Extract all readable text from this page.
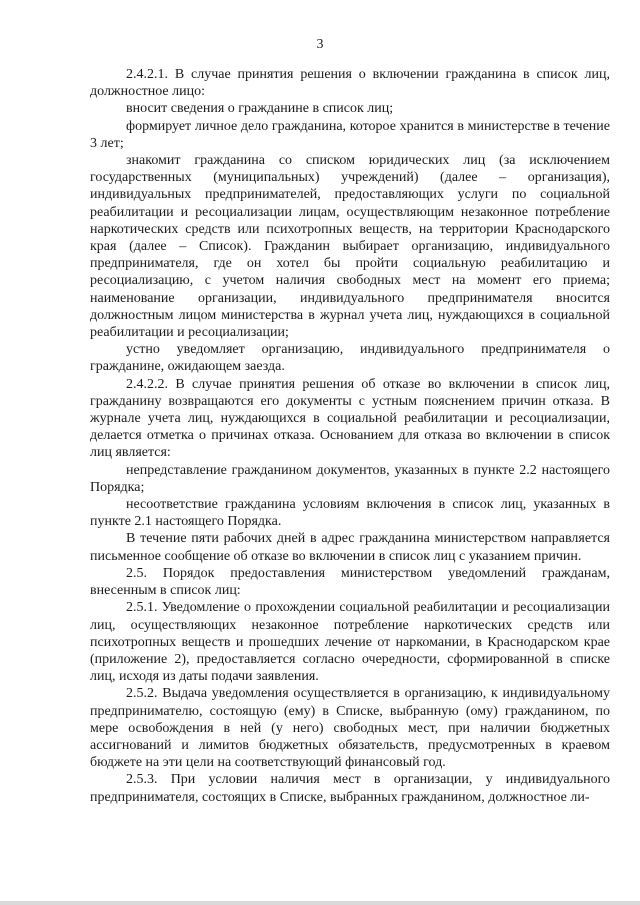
3

2.4.2.1. В случае принятия решения о включении гражданина в список лиц, должностное лицо:

вносит сведения о гражданине в список лиц;

формирует личное дело гражданина, которое хранится в министерстве в течение 3 лет;

знакомит гражданина со списком юридических лиц (за исключением государственных (муниципальных) учреждений) (далее – организация), индивидуальных предпринимателей, предоставляющих услуги по социальной реабилитации и ресоциализации лицам, осуществляющим незаконное потребление наркотических средств или психотропных веществ, на территории Краснодарского края (далее – Список). Гражданин выбирает организацию, индивидуального предпринимателя, где он хотел бы пройти социальную реабилитацию и ресоциализацию, с учетом наличия свободных мест на момент его приема; наименование организации, индивидуального предпринимателя вносится должностным лицом министерства в журнал учета лиц, нуждающихся в социальной реабилитации и ресоциализации;

устно уведомляет организацию, индивидуального предпринимателя о гражданине, ожидающем заезда.

2.4.2.2. В случае принятия решения об отказе во включении в список лиц, гражданину возвращаются его документы с устным пояснением причин отказа. В журнале учета лиц, нуждающихся в социальной реабилитации и ресоциализации, делается отметка о причинах отказа. Основанием для отказа во включении в список лиц является:

непредставление гражданином документов, указанных в пункте 2.2 настоящего Порядка;

несоответствие гражданина условиям включения в список лиц, указанных в пункте 2.1 настоящего Порядка.

В течение пяти рабочих дней в адрес гражданина министерством направляется письменное сообщение об отказе во включении в список лиц с указанием причин.

2.5. Порядок предоставления министерством уведомлений гражданам, внесенным в список лиц:

2.5.1. Уведомление о прохождении социальной реабилитации и ресоциализации лиц, осуществляющих незаконное потребление наркотических средств или психотропных веществ и прошедших лечение от наркомании, в Краснодарском крае (приложение 2), предоставляется согласно очередности, сформированной в списке лиц, исходя из даты подачи заявления.

2.5.2. Выдача уведомления осуществляется в организацию, к индивидуальному предпринимателю, состоящую (ему) в Списке, выбранную (ому) гражданином, по мере освобождения в ней (у него) свободных мест, при наличии бюджетных ассигнований и лимитов бюджетных обязательств, предусмотренных в краевом бюджете на эти цели на соответствующий финансовый год.

2.5.3. При условии наличия мест в организации, у индивидуального предпринимателя, состоящих в Списке, выбранных гражданином, должностное ли-
